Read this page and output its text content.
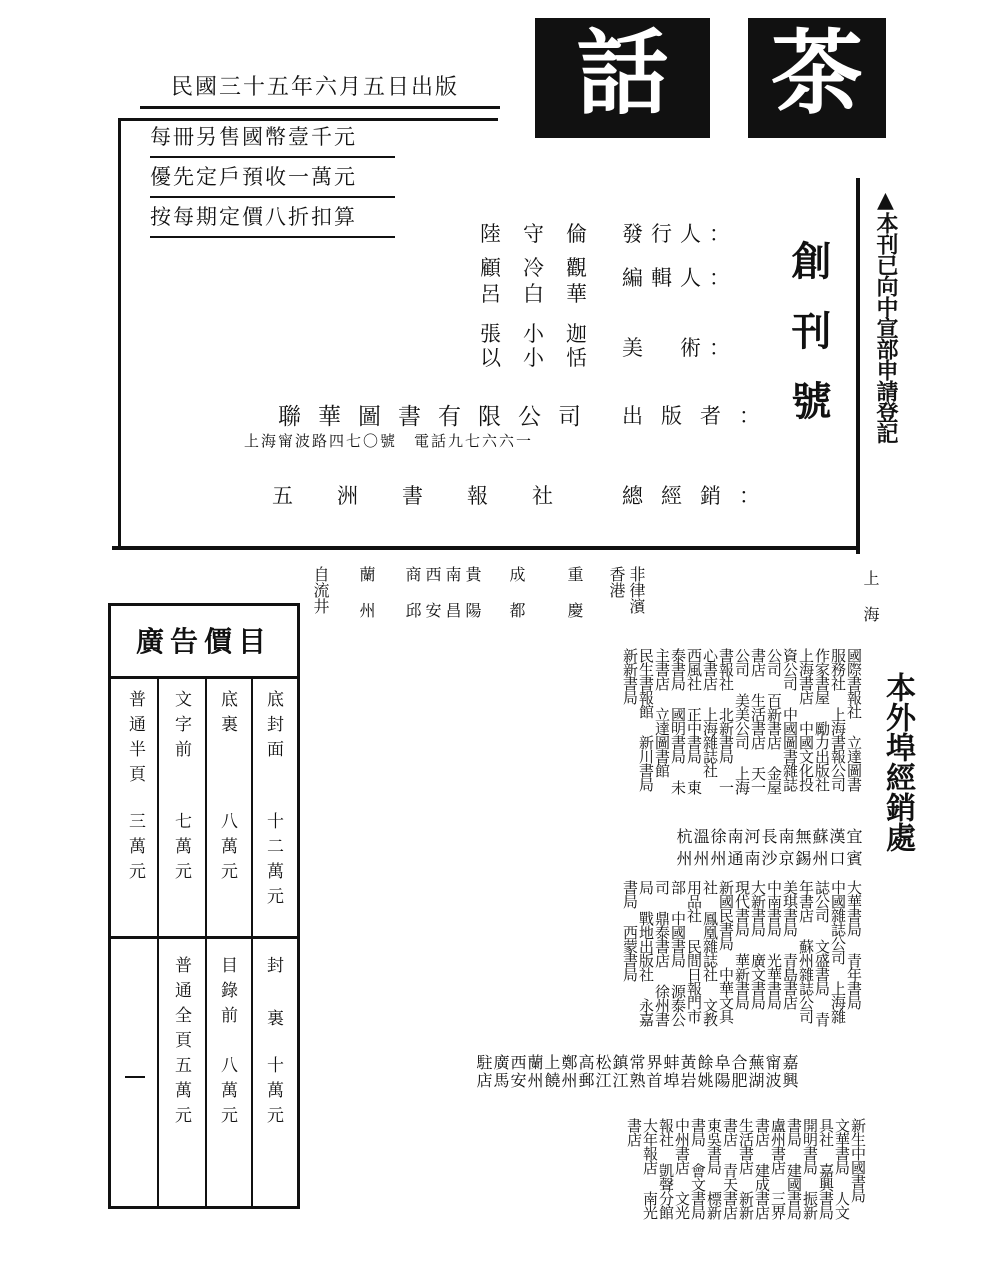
話	茶
民國三十五年六月五日出版
每冊另售國幣壹千元
優先定戶預收一萬元
按每期定價八折扣算
創刊號
發行人：
陸守倫
編輯人：
顧冷觀
呂白華
美　術：
張小迦
以小恬
出版者：
聯華圖書有限公司
上海甯波路四七〇號　電話九七六六一
總經銷：
五洲書報社
▲本刊已向中宣部申請登記
本外埠經銷處
上海
非律濱
香港
重慶
成都
貴陽
南昌
西安
商邱
蘭州
自流井
國際書報社 立達圖書服務社 上海書報公司 作家書屋 勵力出版社 上海書店 中國文化投資公司 中國圖書雜誌公司 百新書店 金屋書店 生活書店 天一公司 美美公司 上海書報社 北新書局 一心書店 上海雜誌社 西風社 正中書局 東泰書局 國明書局 未主書店 立達圖書館 民生書報館 新川書局 新新書局
宜賓 漢口 蘇州 無錫 南京 長沙 河南 南通 徐州 溫州 杭州
大華書局 青年書局 中國雜誌公司 上海雜誌公司 文盛書局 青年書店 蘇州雜誌公司 美琪書局 青島書店 中南書局 光華書局 大新書局 廣文書局 現代書局 華新書局 新國民書局 中華文具社 鳳凰雜誌社 文教用品社 民間日報門市部 中國書局 源泰公司 鼎泰書店 徐州書局 戰地出版社 永嘉書局 西蒙書局
嘉興 甯波 蕪湖 合肥 阜陽 餘姚 黃岩 蚌埠 界首 常熟 鎮江 松江 高郵 鄭州 上饒 蘭州 西安 廣馬 駐店
新生中國書局 文華書局 人文具社 嘉興書局 開明書局 振新書局 建國書局 盧州書店 三界書店 建成書店 生活書店 新新書店 青天書店 東吳書局 標新書局 會文書局 中州書店 文光報社 凱聲分館 大年報店 南光書店
廣告價目
底封面
十二萬元
底裏
八萬元
文字前
七萬元
普通半頁
三萬元
封裏
十萬元
目錄前
八萬元
普通全頁
五萬元
